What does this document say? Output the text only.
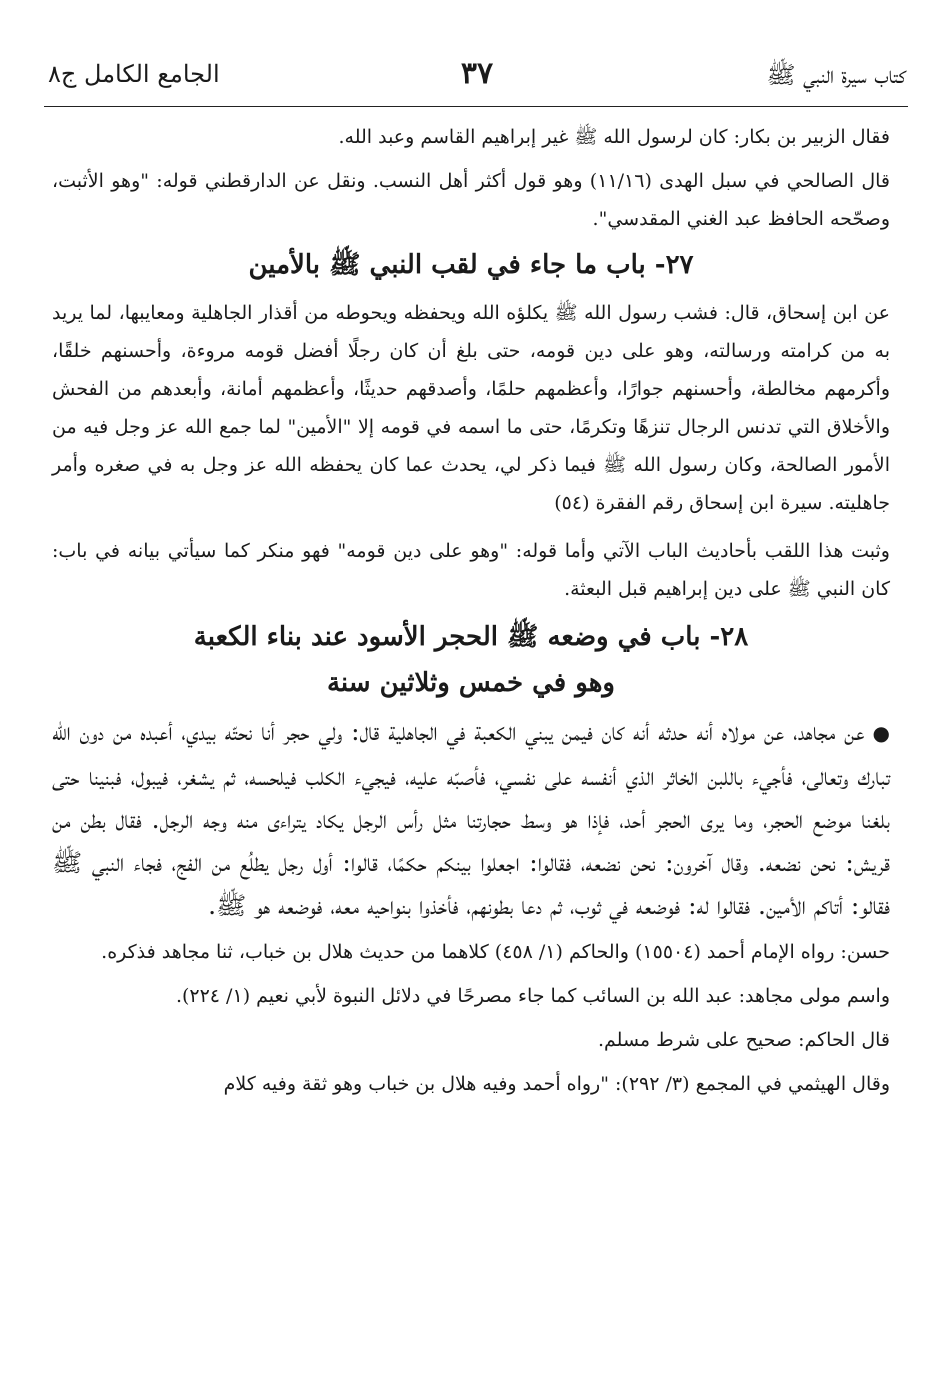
كتاب سيرة النبي ﷺ
٣٧
الجامع الكامل ج٨

فقال الزبير بن بكار: كان لرسول الله ﷺ غير إبراهيم القاسم وعبد الله.

قال الصالحي في سبل الهدى (١١/١٦) وهو قول أكثر أهل النسب. ونقل عن الدارقطني قوله: "وهو الأثبت، وصحّحه الحافظ عبد الغني المقدسي".

٢٧- باب ما جاء في لقب النبي ﷺ بالأمين

عن ابن إسحاق، قال: فشب رسول الله ﷺ يكلؤه الله ويحفظه ويحوطه من أقذار الجاهلية ومعايبها، لما يريد به من كرامته ورسالته، وهو على دين قومه، حتى بلغ أن كان رجلًا أفضل قومه مروءة، وأحسنهم خلقًا، وأكرمهم مخالطة، وأحسنهم جوارًا، وأعظمهم حلمًا، وأصدقهم حديثًا، وأعظمهم أمانة، وأبعدهم من الفحش والأخلاق التي تدنس الرجال تنزهًا وتكرمًا، حتى ما اسمه في قومه إلا "الأمين" لما جمع الله عز وجل فيه من الأمور الصالحة، وكان رسول الله ﷺ فيما ذكر لي، يحدث عما كان يحفظه الله عز وجل به في صغره وأمر جاهليته. سيرة ابن إسحاق رقم الفقرة (٥٤)

وثبت هذا اللقب بأحاديث الباب الآتي وأما قوله: "وهو على دين قومه" فهو منكر كما سيأتي بيانه في باب: كان النبي ﷺ على دين إبراهيم قبل البعثة.

٢٨- باب في وضعه ﷺ الحجر الأسود عند بناء الكعبة
وهو في خمس وثلاثين سنة

●عن مجاهد، عن مولاه أنه حدثه أنه كان فيمن يبني الكعبة في الجاهلية قال: ولي حجر أنا نحتّه بيدي، أعبده من دون الله تبارك وتعالى، فأجيء باللبن الخاثر الذي أنفسه على نفسي، فأصبّه عليه، فيجيء الكلب فيلحسه، ثم يشغر، فيبول، فبنينا حتى بلغنا موضع الحجر، وما يرى الحجر أحد، فإذا هو وسط حجارتنا مثل رأس الرجل يكاد يتراءى منه وجه الرجل. فقال بطن من قريش: نحن نضعه. وقال آخرون: نحن نضعه، فقالوا: اجعلوا بينكم حكمًا، قالوا: أول رجل يطلُع من الفج، فجاء النبي ﷺ فقالو: أتاكم الأمين. فقالوا له: فوضعه في ثوب، ثم دعا بطونهم، فأخذوا بنواحيه معه، فوضعه هو ﷺ.

حسن: رواه الإمام أحمد (١٥٥٠٤) والحاكم (١/ ٤٥٨) كلاهما من حديث هلال بن خباب، ثنا مجاهد فذكره.

واسم مولى مجاهد: عبد الله بن السائب كما جاء مصرحًا في دلائل النبوة لأبي نعيم (١/ ٢٢٤).

قال الحاكم: صحيح على شرط مسلم.

وقال الهيثمي في المجمع (٣/ ٢٩٢): "رواه أحمد وفيه هلال بن خباب وهو ثقة وفيه كلام
